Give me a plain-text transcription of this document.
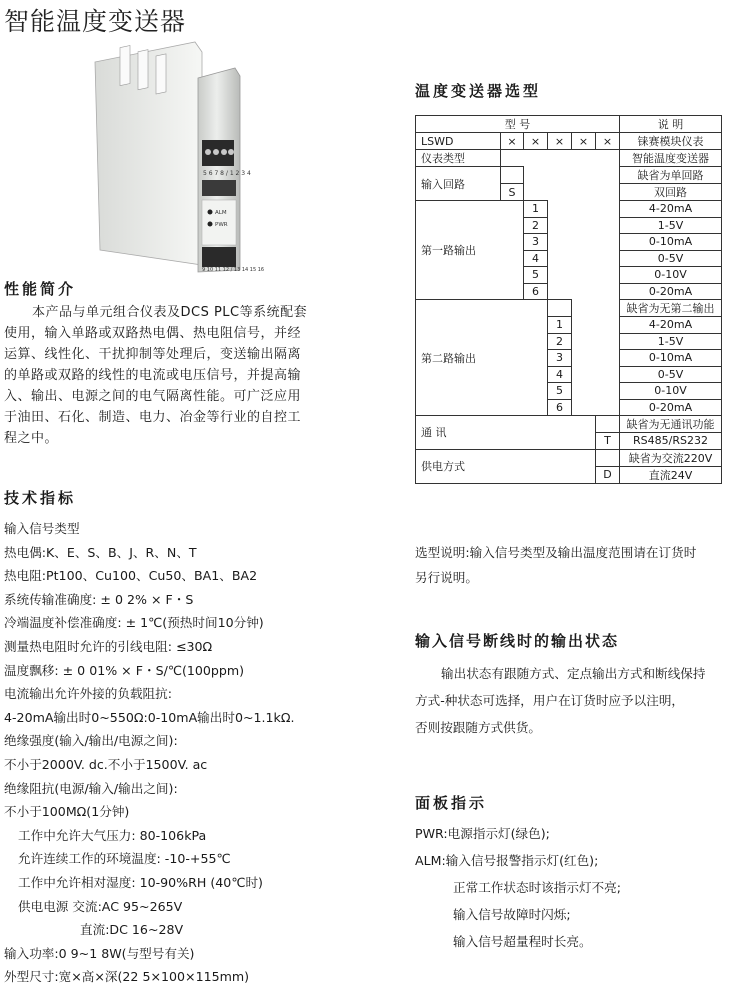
智能温度变送器
5 6 7 8 / 1 2 3 4
ALM
PWR
9 10 11 12 / 13 14 15 16
性能简介

本产品与单元组合仪表及DCS PLC等系统配套

使用，输入单路或双路热电偶、热电阻信号，并经

运算、线性化、干扰抑制等处理后，变送输出隔离

的单路或双路的线性的电流或电压信号，并提高输

入、输出、电源之间的电气隔离性能。可广泛应用

于油田、石化、制造、电力、冶金等行业的自控工

程之中。

技术指标
输入信号类型
热电偶:K、E、S、B、J、R、N、T
热电阻:Pt100、Cu100、Cu50、BA1、BA2
系统传输准确度: ± 0 2% × F・S
冷端温度补偿准确度: ± 1℃(预热时间10分钟)
测量热电阻时允许的引线电阻: ≤30Ω
温度飘移: ± 0 01% × F・S/℃(100ppm)
电流输出允许外接的负载阻抗:
4-20mA输出时0~550Ω:0-10mA输出时0~1.1kΩ.
绝缘强度(输入/输出/电源之间):
不小于2000V. dc.不小于1500V. ac
绝缘阻抗(电源/输入/输出之间):
不小于100MΩ(1分钟)
工作中允许大气压力: 80-106kPa
允许连续工作的环境温度: -10-+55℃
工作中允许相对湿度: 10-90%RH (40℃时)
供电电源 交流:AC 95~265V
直流:DC 16~28V
输入功率:0 9~1 8W(与型号有关)
外型尺寸:宽×高×深(22 5×100×115mm)
温度变送器选型
型 号						说 明
LSWD	×	×	×	×	×	铼赛模块仪表
仪表类型						智能温度变送器
输入回路						缺省为单回路
	S					双回路
第一路输出		1				4-20mA
		2				1-5V
		3				0-10mA
		4				0-5V
		5				0-10V
		6				0-20mA
第二路输出						缺省为无第二输出
			1			4-20mA
			2			1-5V
			3			0-10mA
			4			0-5V
			5			0-10V
			6			0-20mA
通 讯						缺省为无通讯功能
					T	RS485/RS232
供电方式						缺省为交流220V
					D	直流24V
选型说明:输入信号类型及输出温度范围请在订货时
另行说明。
输入信号断线时的输出状态
输出状态有跟随方式、定点输出方式和断线保持
方式-种状态可选择，用户在订货时应予以注明，
否则按跟随方式供货。
面板指示
PWR:电源指示灯(绿色);
ALM:输入信号报警指示灯(红色);
正常工作状态时该指示灯不亮;
输入信号故障时闪烁;
输入信号超量程时长亮。
